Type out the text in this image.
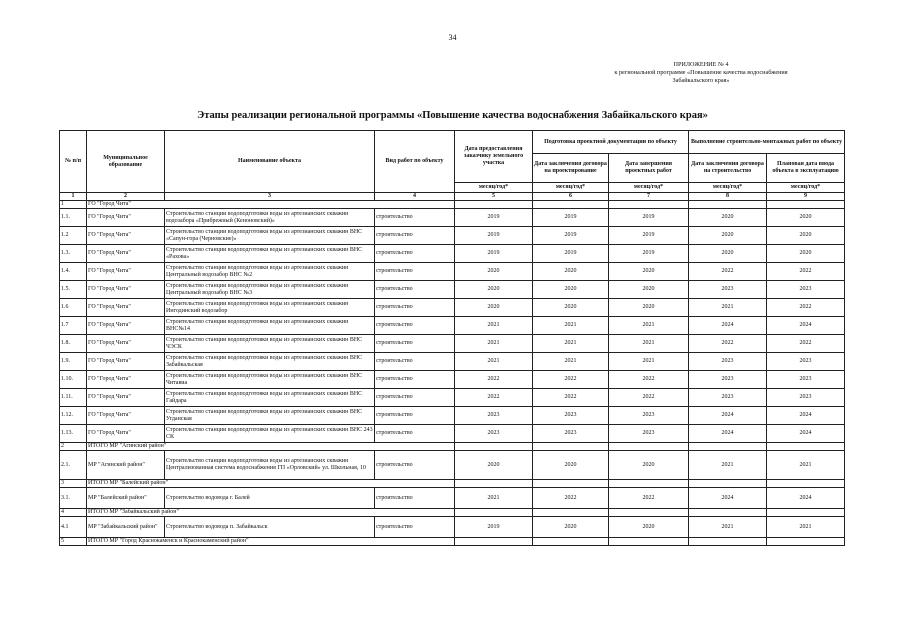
34
ПРИЛОЖЕНИЕ № 4
к региональной программе «Повышение качества водоснабжения
Забайкальского края»
Этапы реализации региональной программы «Повышение качества водоснабжения Забайкальского края»
№ п/п	Муниципальное образование	Наименование объекта	Вид работ по объекту	Дата предоставления заказчику земельного участка	Подготовка проектной документации по объекту		Выполнение строительно-монтажных работ по объекту	
					Дата заключения договора на проектирование	Дата завершения проектных работ	Дата заключения договора на строительство	Плановая дата ввода объекта в эксплуатацию
				месяц/год*	месяц/год*	месяц/год*	месяц/год*	месяц/год*
1	2	3	4	5	6	7	8	9
1	ГО "Город Чита"							
1.1.	ГО "Город Чита"	Строительство станции водоподготовки воды из артезианских скважин водозабора «Прибрежный (Кеноновский)»	строительство	2019	2019	2019	2020	2020
1.2	ГО "Город Чита"	Строительство станции водоподготовки воды из артезианских скважин ВНС «Сапун-гора (Черновские)»	строительство	2019	2019	2019	2020	2020
1.3.	ГО "Город Чита"	Строительство станции водоподготовки воды из артезианских скважин ВНС «Рахова»	строительство	2019	2019	2019	2020	2020
1.4.	ГО "Город Чита"	Строительство станции водоподготовки воды из артезианских скважин Центральный водозабор ВНС №2	строительство	2020	2020	2020	2022	2022
1.5.	ГО "Город Чита"	Строительство станции водоподготовки воды из артезианских скважин Центральный водозабор ВНС №3	строительство	2020	2020	2020	2023	2023
1.6	ГО "Город Чита"	Строительство станции водоподготовки воды из артезианских скважин Ингодинский водозабор	строительство	2020	2020	2020	2021	2022
1.7	ГО "Город Чита"	Строительство станции водоподготовки воды из артезианских скважин ВНС№14	строительство	2021	2021	2021	2024	2024
1.8.	ГО "Город Чита"	Строительство станции водоподготовки воды из артезианских скважин ВНС ЧЭСК	строительство	2021	2021	2021	2022	2022
1.9.	ГО "Город Чита"	Строительство станции водоподготовки воды из артезианских скважин ВНС Забайкальская	строительство	2021	2021	2021	2023	2023
1.10.	ГО "Город Чита"	Строительство станции водоподготовки воды из артезианских скважин ВНС Читавиа	строительство	2022	2022	2022	2023	2023
1.11.	ГО "Город Чита"	Строительство станции водоподготовки воды из артезианских скважин ВНС Гайдара	строительство	2022	2022	2022	2023	2023
1.12.	ГО "Город Чита"	Строительство станции водоподготовки воды из артезианских скважин ВНС Угданская	строительство	2023	2023	2023	2024	2024
1.13.	ГО "Город Чита"	Строительство станции водоподготовки воды из артезианских скважин ВНС 243 СК	строительство	2023	2023	2023	2024	2024
2	ИТОГО МР "Агинский район"							
2.1.	МР "Агинский район"	Строительство станции водоподготовки воды из артезианских скважин Централизованная система водоснабжения ГП «Орловский» ул. Школьная, 10	строительство	2020	2020	2020	2021	2021
3	ИТОГО МР "Балейский район"							
3.1.	МР "Балейский район"	Строительство водовода г. Балей	строительство	2021	2022	2022	2024	2024
4	ИТОГО МР "Забайкальский район"							
4.1	МР "Забайкальский район"	Строительство водовода п. Забайкальск	строительство	2019	2020	2020	2021	2021
5	ИТОГО МР "Город Краснокаменск и Краснокаменский район"							
